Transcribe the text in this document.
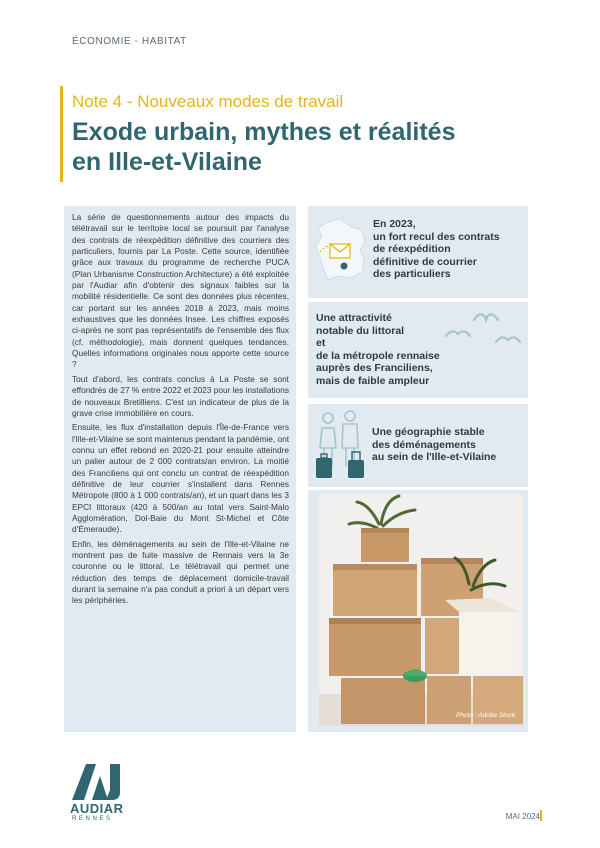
ÉCONOMIE - HABITAT
Note 4 - Nouveaux modes de travail
Exode urbain, mythes et réalités
en Ille-et-Vilaine

La série de questionnements autour des impacts du télétravail sur le territoire local se poursuit par l'analyse des contrats de réexpédition définitive des courriers des particuliers, fournis par La Poste. Cette source, identifiée grâce aux travaux du programme de recherche PUCA (Plan Urbanisme Construction Architecture) a été exploitée par l'Audiar afin d'obtenir des signaux faibles sur la mobilité résidentielle. Ce sont des données plus récentes, car portant sur les années 2018 à 2023, mais moins exhaustives que les données Insee. Les chiffres exposés ci-après ne sont pas représentatifs de l'ensemble des flux (cf. méthodologie), mais donnent quelques tendances. Quelles informations originales nous apporte cette source ?

Tout d'abord, les contrats conclus à La Poste se sont effondrés de 27 % entre 2022 et 2023 pour les installations de nouveaux Bretilliens. C'est un indicateur de plus de la grave crise immobilière en cours.

Ensuite, les flux d'installation depuis l'Île-de-France vers l'Ille-et-Vilaine se sont maintenus pendant la pandémie, ont connu un effet rebond en 2020-21 pour ensuite atteindre un palier autour de 2 000 contrats/an environ. La moitié des Franciliens qui ont conclu un contrat de réexpédition définitive de leur courrier s'installent dans Rennes Métropole (800 à 1 000 contrats/an), et un quart dans les 3 EPCI littoraux (420 à 500/an au total vers Saint-Malo Agglomération, Dol-Baie du Mont St-Michel et Côte d'Émeraude).

Enfin, les déménagements au sein de l'Ille-et-Vilaine ne montrent pas de fuite massive de Rennais vers la 3e couronne ou le littoral. Le télétravail qui permet une réduction des temps de déplacement domicile-travail durant la semaine n'a pas conduit a priori à un départ vers les périphéries.

En 2023,
un fort recul des contrats
de réexpédition
définitive de courrier
des particuliers
Une attractivité
notable du littoral
et
de la métropole rennaise
auprès des Franciliens,
mais de faible ampleur
Une géographie stable
des déménagements
au sein de l'Ille-et-Vilaine
Photo : Adobe Stock.
AUDIAR
RENNES	MAI 2024
